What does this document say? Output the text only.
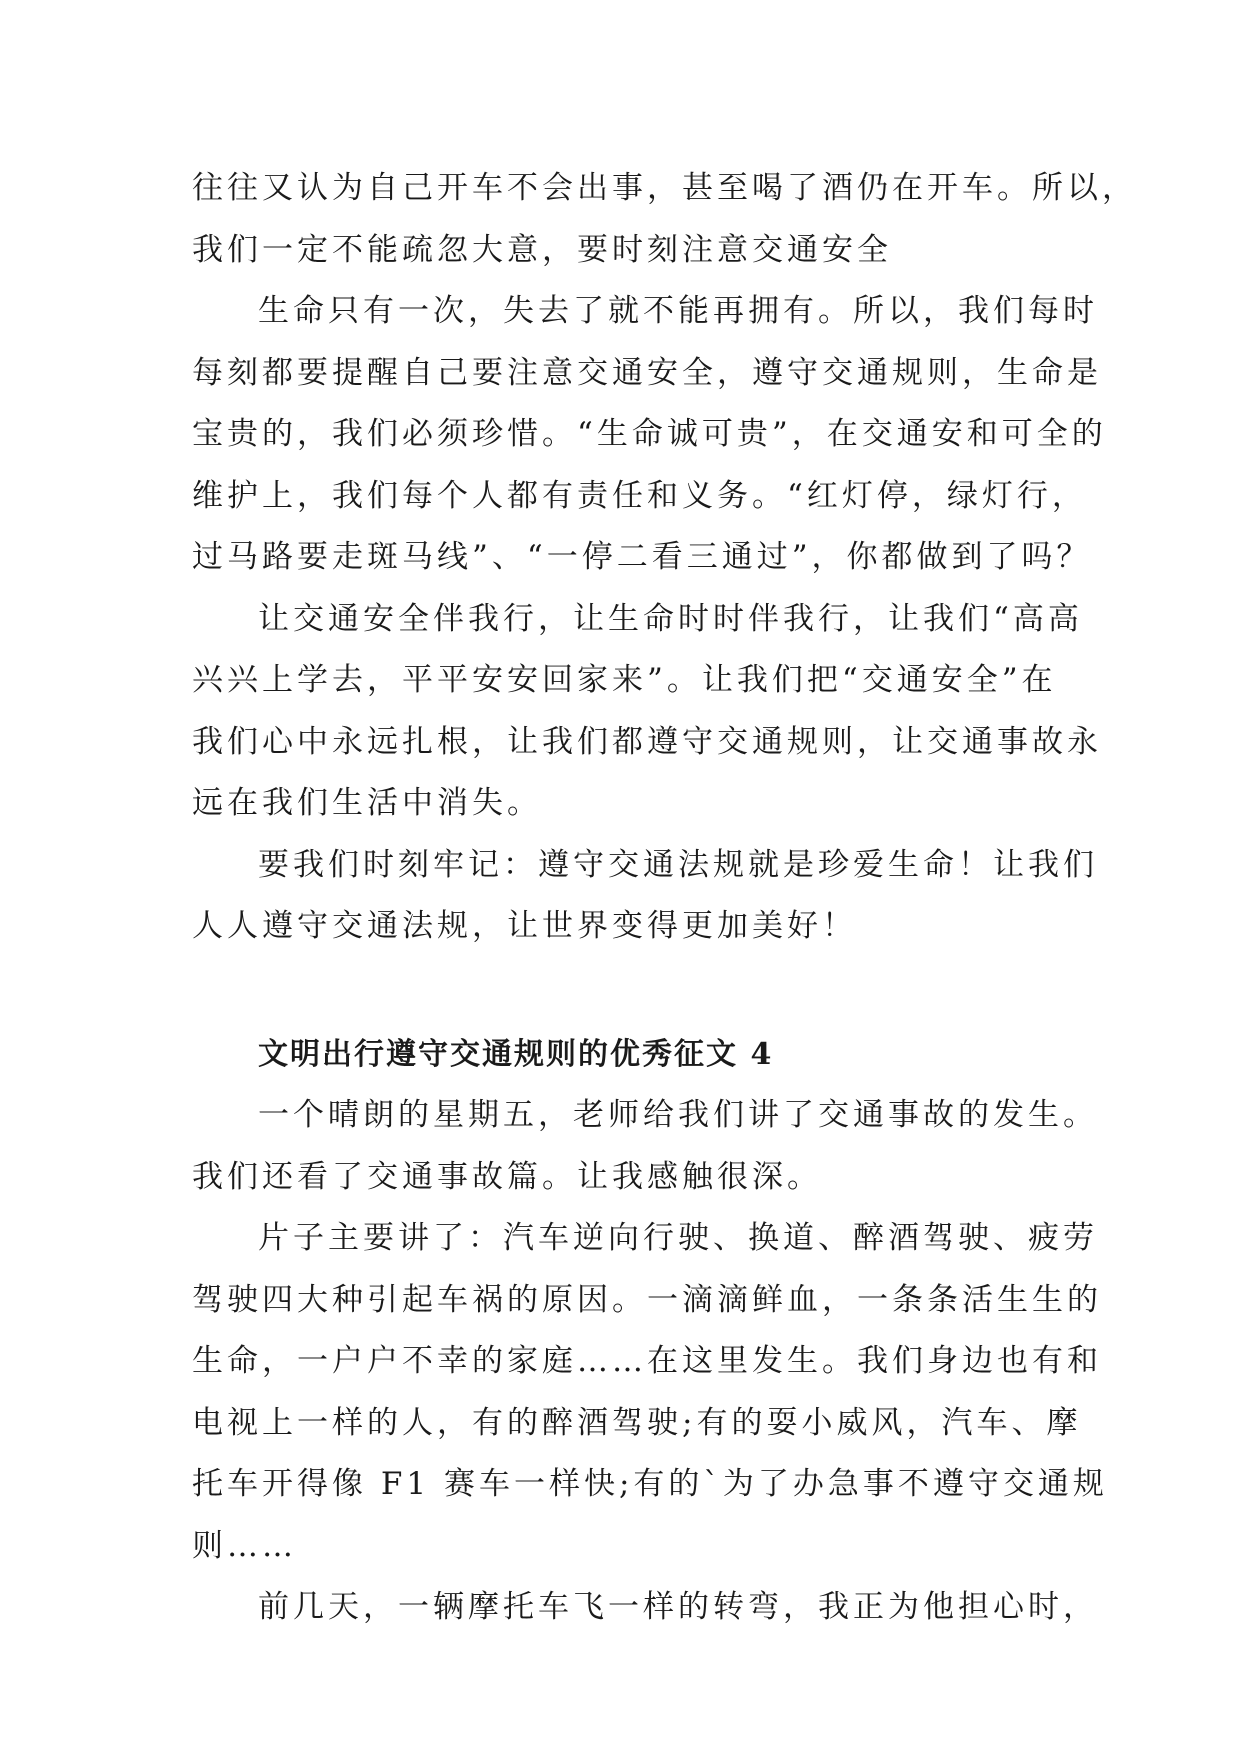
往往又认为自己开车不会出事，甚至喝了酒仍在开车。所以，
我们一定不能疏忽大意，要时刻注意交通安全

生命只有一次，失去了就不能再拥有。所以，我们每时
每刻都要提醒自己要注意交通安全，遵守交通规则，生命是
宝贵的，我们必须珍惜。“生命诚可贵”，在交通安和可全的
维护上，我们每个人都有责任和义务。“红灯停，绿灯行，
过马路要走斑马线”、“一停二看三通过”，你都做到了吗？

让交通安全伴我行，让生命时时伴我行，让我们“高高
兴兴上学去，平平安安回家来”。让我们把“交通安全”在
我们心中永远扎根，让我们都遵守交通规则，让交通事故永
远在我们生活中消失。

要我们时刻牢记：遵守交通法规就是珍爱生命！让我们
人人遵守交通法规，让世界变得更加美好！

文明出行遵守交通规则的优秀征文 4

一个晴朗的星期五，老师给我们讲了交通事故的发生。
我们还看了交通事故篇。让我感触很深。

片子主要讲了：汽车逆向行驶、换道、醉酒驾驶、疲劳
驾驶四大种引起车祸的原因。一滴滴鲜血，一条条活生生的
生命，一户户不幸的家庭……在这里发生。我们身边也有和
电视上一样的人，有的醉酒驾驶;有的耍小威风，汽车、摩
托车开得像 F1 赛车一样快;有的`为了办急事不遵守交通规
则……

前几天，一辆摩托车飞一样的转弯，我正为他担心时，
